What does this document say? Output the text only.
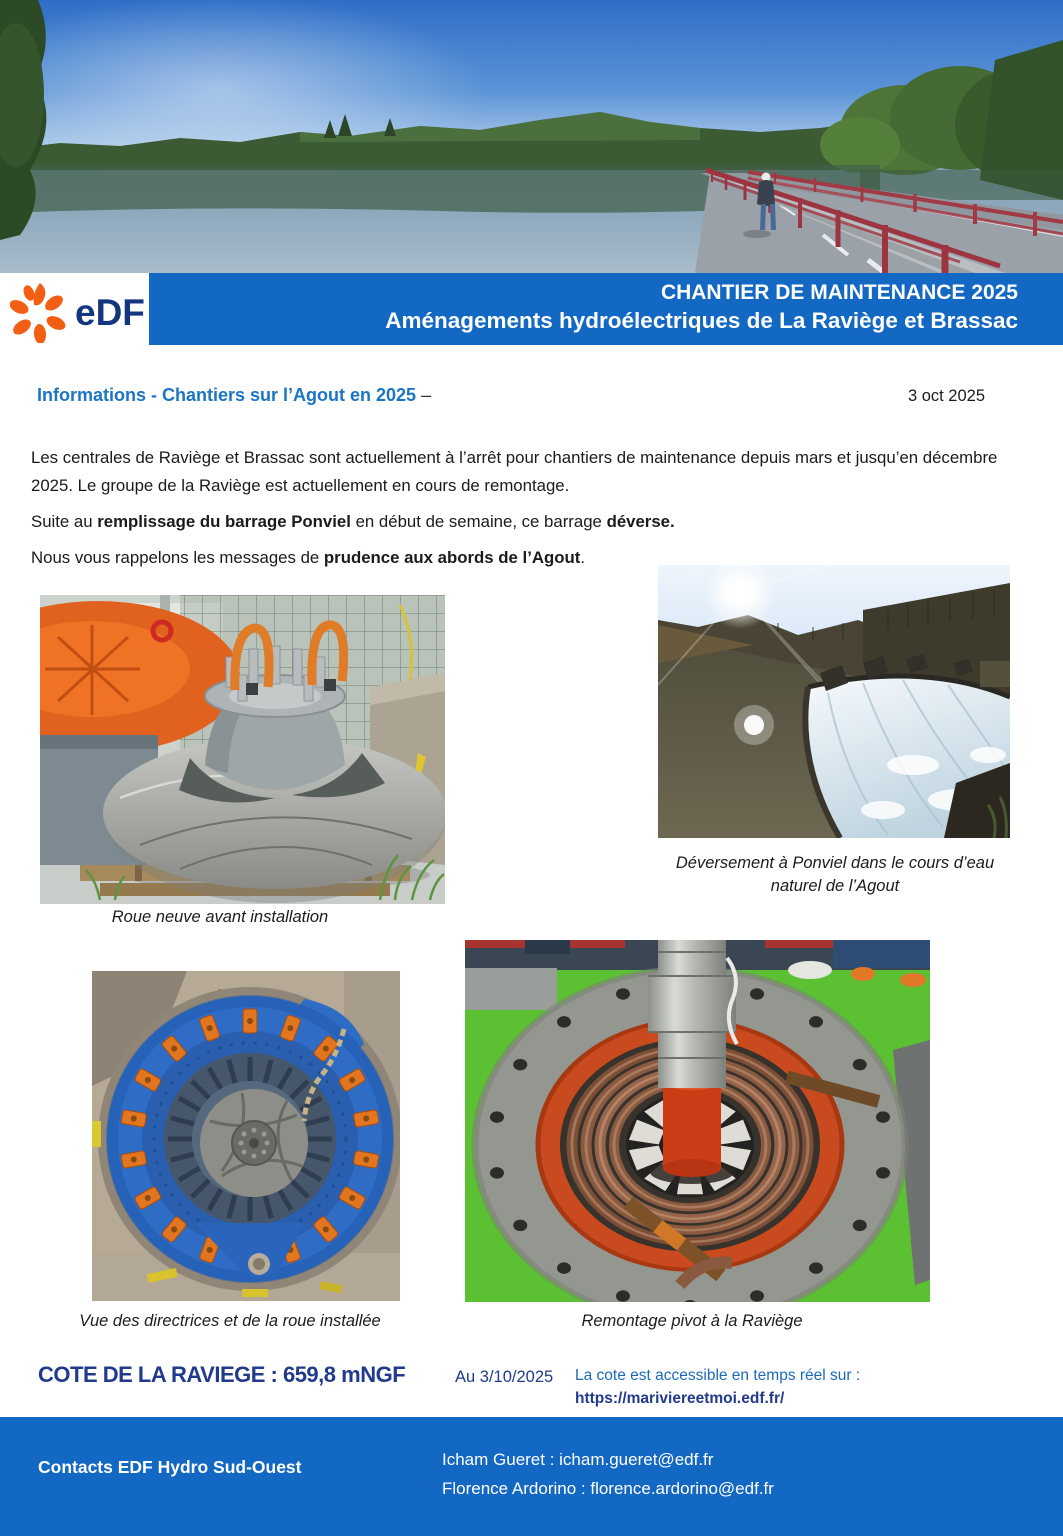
eDF	CHANTIER DE MAINTENANCE 2025
Aménagements hydroélectriques de La Raviège et Brassac
Informations - Chantiers sur l’Agout en 2025 –	3 oct 2025

Les centrales de Raviège et Brassac sont actuellement à l’arrêt pour chantiers de maintenance depuis mars et jusqu’en décembre 2025. Le groupe de la Raviège est actuellement en cours de remontage.

Suite au remplissage du barrage Ponviel en début de semaine, ce barrage déverse.

Nous vous rappelons les messages de prudence aux abords de l’Agout.

Roue neuve avant installation
Déversement à Ponviel dans le cours d’eau
naturel de l’Agout
Vue des directrices et de la roue installée	Remontage pivot à la Raviège
COTE DE LA RAVIEGE : 659,8 mNGF	Au 3/10/2025 La cote est accessible en temps réel sur :
https://mariviereetmoi.edf.fr/
Contacts EDF Hydro Sud-Ouest	Icham Gueret : icham.gueret@edf.fr
Florence Ardorino : florence.ardorino@edf.fr
